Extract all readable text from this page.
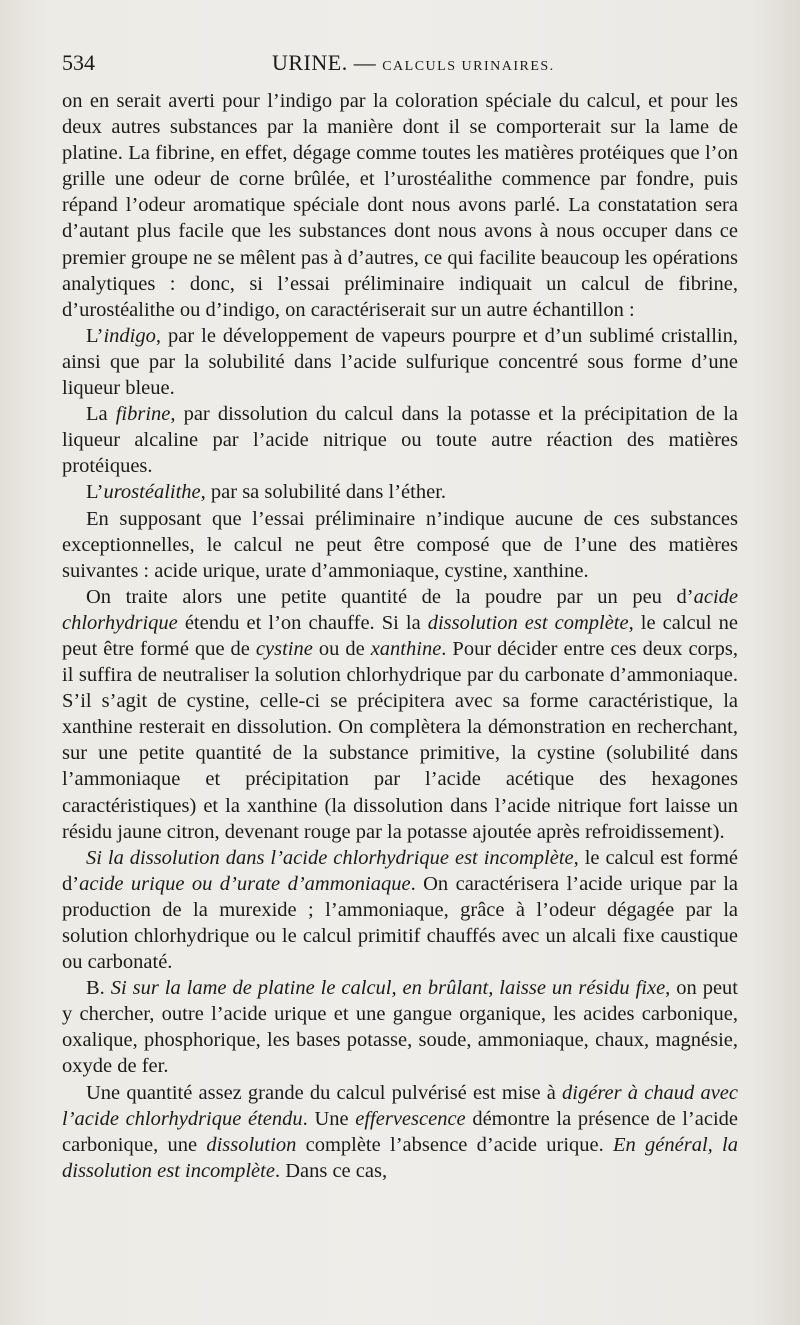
534	URINE. — CALCULS URINAIRES.

on en serait averti pour l’indigo par la coloration spéciale du calcul, et pour les deux autres substances par la manière dont il se comporterait sur la lame de platine. La fibrine, en effet, dégage comme toutes les matières protéiques que l’on grille une odeur de corne brûlée, et l’urostéalithe commence par fondre, puis répand l’odeur aromatique spéciale dont nous avons parlé. La constatation sera d’autant plus facile que les substances dont nous avons à nous occuper dans ce premier groupe ne se mêlent pas à d’autres, ce qui facilite beaucoup les opérations analytiques : donc, si l’essai préliminaire indiquait un calcul de fibrine, d’urostéalithe ou d’indigo, on caractériserait sur un autre échantillon :

L’indigo, par le développement de vapeurs pourpre et d’un sublimé cristallin, ainsi que par la solubilité dans l’acide sulfurique concentré sous forme d’une liqueur bleue.

La fibrine, par dissolution du calcul dans la potasse et la précipitation de la liqueur alcaline par l’acide nitrique ou toute autre réaction des matières protéiques.

L’urostéalithe, par sa solubilité dans l’éther.

En supposant que l’essai préliminaire n’indique aucune de ces substances exceptionnelles, le calcul ne peut être composé que de l’une des matières suivantes : acide urique, urate d’ammoniaque, cystine, xanthine.

On traite alors une petite quantité de la poudre par un peu d’acide chlorhydrique étendu et l’on chauffe. Si la dissolution est complète, le calcul ne peut être formé que de cystine ou de xanthine. Pour décider entre ces deux corps, il suffira de neutraliser la solution chlorhydrique par du carbonate d’ammoniaque. S’il s’agit de cystine, celle-ci se précipitera avec sa forme caractéristique, la xanthine resterait en dissolution. On complètera la démonstration en recherchant, sur une petite quantité de la substance primitive, la cystine (solubilité dans l’ammoniaque et précipitation par l’acide acétique des hexagones caractéristiques) et la xanthine (la dissolution dans l’acide nitrique fort laisse un résidu jaune citron, devenant rouge par la potasse ajoutée après refroidissement).

Si la dissolution dans l’acide chlorhydrique est incomplète, le calcul est formé d’acide urique ou d’urate d’ammoniaque. On caractérisera l’acide urique par la production de la murexide ; l’ammoniaque, grâce à l’odeur dégagée par la solution chlorhydrique ou le calcul primitif chauffés avec un alcali fixe caustique ou carbonaté.

B. Si sur la lame de platine le calcul, en brûlant, laisse un résidu fixe, on peut y chercher, outre l’acide urique et une gangue organique, les acides carbonique, oxalique, phosphorique, les bases potasse, soude, ammoniaque, chaux, magnésie, oxyde de fer.

Une quantité assez grande du calcul pulvérisé est mise à digérer à chaud avec l’acide chlorhydrique étendu. Une effervescence démontre la présence de l’acide carbonique, une dissolution complète l’absence d’acide urique. En général, la dissolution est incomplète. Dans ce cas,
